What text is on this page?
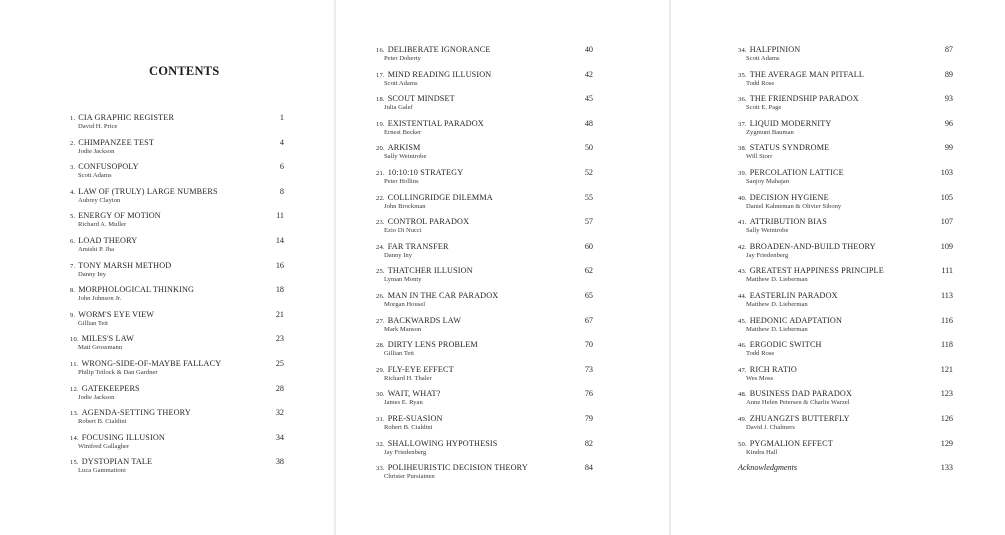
CONTENTS
1. CIA GRAPHIC REGISTER
David H. Price
1
2. CHIMPANZEE TEST
Jodie Jackson
4
3. CONFUSOPOLY
Scott Adams
6
4. LAW OF (TRULY) LARGE NUMBERS
Aubrey Clayton
8
5. ENERGY OF MOTION
Richard A. Muller
11
6. LOAD THEORY
Amishi P. Jha
14
7. TONY MARSH METHOD
Danny Iny
16
8. MORPHOLOGICAL THINKING
John Johnson Jr.
18
9. WORM'S EYE VIEW
Gillian Tett
21
10. MILES'S LAW
Matt Grossmann
23
11. WRONG-SIDE-OF-MAYBE FALLACY
Philip Tetlock & Dan Gardner
25
12. GATEKEEPERS
Jodie Jackson
28
13. AGENDA-SETTING THEORY
Robert B. Cialdini
32
14. FOCUSING ILLUSION
Winifred Gallagher
34
15. DYSTOPIAN TALE
Luca Gammaitoni
38
16. DELIBERATE IGNORANCE
Peter Doherty
40
17. MIND READING ILLUSION
Scott Adams
42
18. SCOUT MINDSET
Julia Galef
45
19. EXISTENTIAL PARADOX
Ernest Becker
48
20. ARKISM
Sally Weintrobe
50
21. 10:10:10 STRATEGY
Peter Hollins
52
22. COLLINGRIDGE DILEMMA
John Brockman
55
23. CONTROL PARADOX
Ezio Di Nucci
57
24. FAR TRANSFER
Danny Iny
60
25. THATCHER ILLUSION
Lyman Monty
62
26. MAN IN THE CAR PARADOX
Morgan Housel
65
27. BACKWARDS LAW
Mark Manson
67
28. DIRTY LENS PROBLEM
Gillian Tett
70
29. FLY-EYE EFFECT
Richard H. Thaler
73
30. WAIT, WHAT?
James E. Ryan
76
31. PRE-SUASION
Robert B. Cialdini
79
32. SHALLOWING HYPOTHESIS
Jay Friedenberg
82
33. POLIHEURISTIC DECISION THEORY
Christer Pursiainen
84
34. HALFPINION
Scott Adams
87
35. THE AVERAGE MAN PITFALL
Todd Rose
89
36. THE FRIENDSHIP PARADOX
Scott E. Page
93
37. LIQUID MODERNITY
Zygmunt Bauman
96
38. STATUS SYNDROME
Will Storr
99
39. PERCOLATION LATTICE
Sanjoy Mahajan
103
40. DECISION HYGIENE
Daniel Kahneman & Olivier Sibony
105
41. ATTRIBUTION BIAS
Sally Weintrobe
107
42. BROADEN-AND-BUILD THEORY
Jay Friedenberg
109
43. GREATEST HAPPINESS PRINCIPLE
Matthew D. Lieberman
111
44. EASTERLIN PARADOX
Matthew D. Lieberman
113
45. HEDONIC ADAPTATION
Matthew D. Lieberman
116
46. ERGODIC SWITCH
Todd Rose
118
47. RICH RATIO
Wes Moss
121
48. BUSINESS DAD PARADOX
Anne Helen Petersen & Charlie Warzel
123
49. ZHUANGZI'S BUTTERFLY
David J. Chalmers
126
50. PYGMALION EFFECT
Kindra Hall
129
Acknowledgments	133
